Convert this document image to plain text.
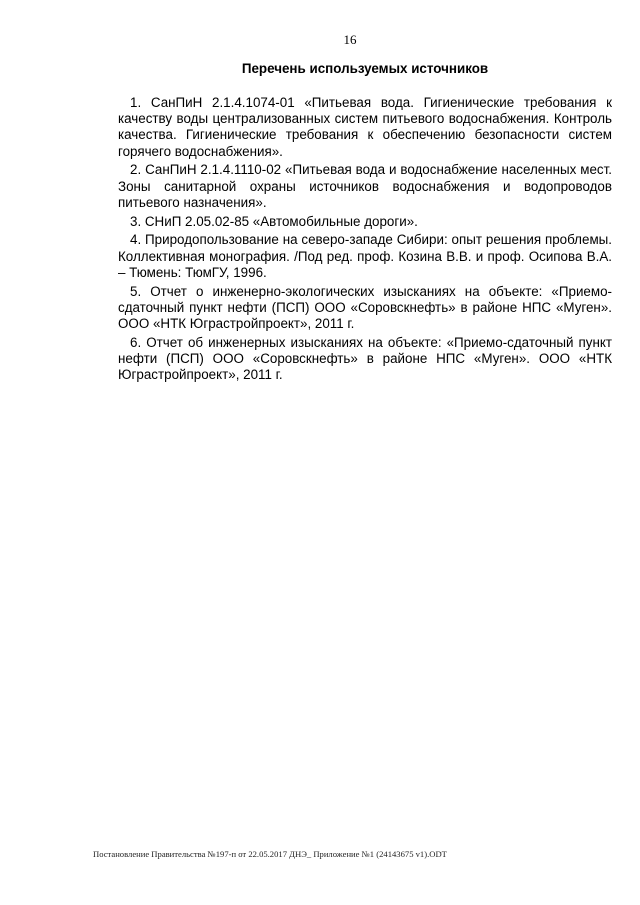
16
Перечень используемых источников

1. СанПиН 2.1.4.1074-01 «Питьевая вода. Гигиенические требования к качеству воды централизованных систем питьевого водоснабжения. Контроль качества. Гигиенические требования к обеспечению безопасности систем горячего водоснабжения».

2. СанПиН 2.1.4.1110-02 «Питьевая вода и водоснабжение населенных мест. Зоны санитарной охраны источников водоснабжения и водопроводов питьевого назначения».

3. СНиП 2.05.02-85 «Автомобильные дороги».

4. Природопользование на северо-западе Сибири: опыт решения проблемы. Коллективная монография. /Под ред. проф. Козина В.В. и проф. Осипова В.А. – Тюмень: ТюмГУ, 1996.

5. Отчет о инженерно-экологических изысканиях на объекте: «Приемо-сдаточный пункт нефти (ПСП) ООО «Соровскнефть» в районе НПС «Муген». ООО «НТК Юграстройпроект», 2011 г.

6. Отчет об инженерных изысканиях на объекте: «Приемо-сдаточный пункт нефти (ПСП) ООО «Соровскнефть» в районе НПС «Муген». ООО «НТК Юграстройпроект», 2011 г.

Постановление Правительства №197-п от 22.05.2017 ДНЭ_ Приложение №1 (24143675 v1).ODT
